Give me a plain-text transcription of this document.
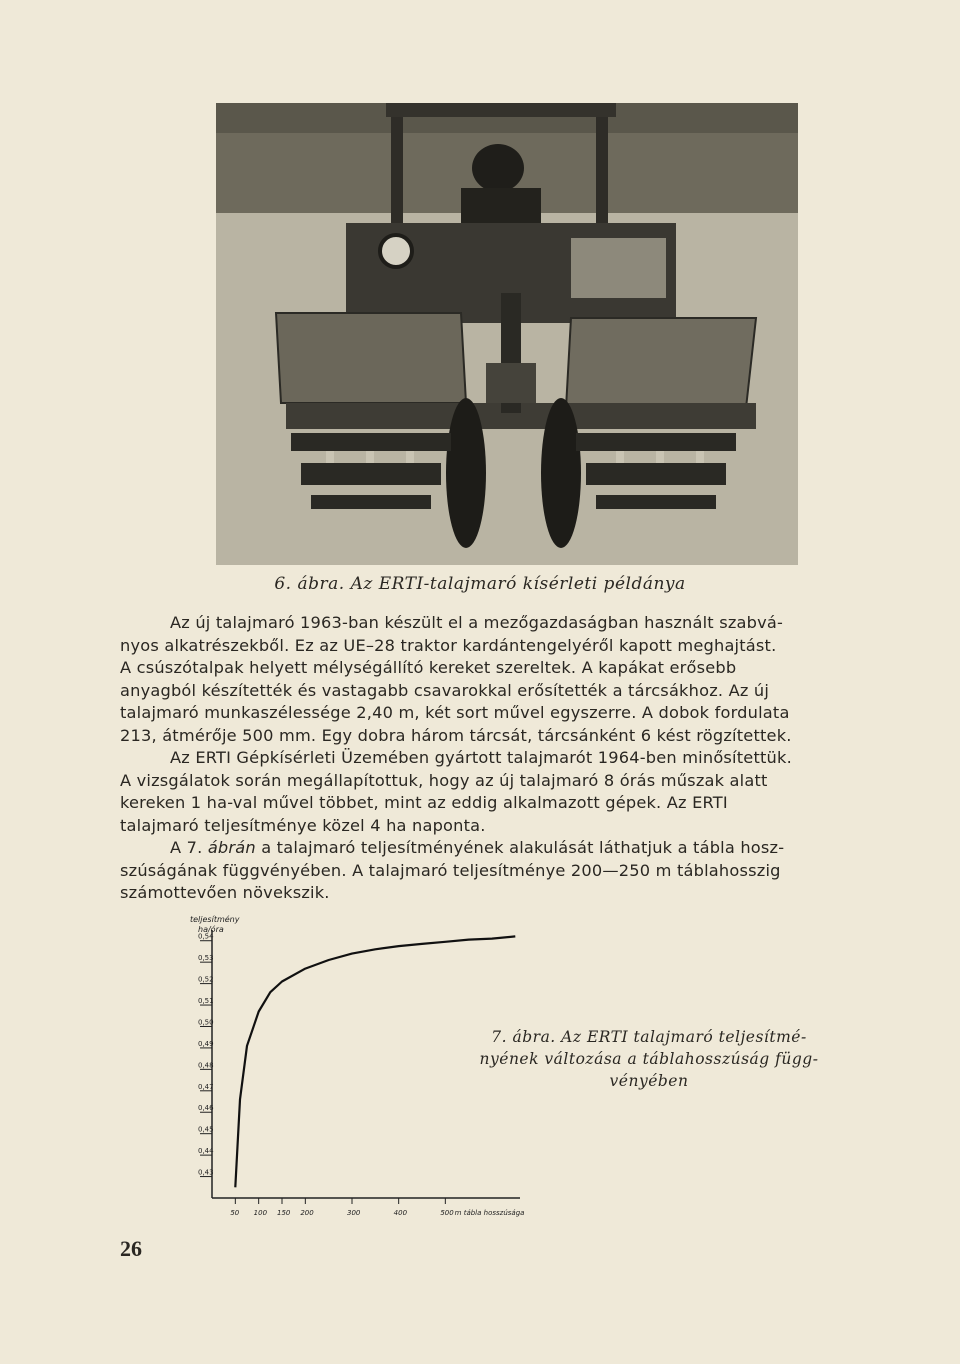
6. ábra. Az ERTI-talajmaró kísérleti példánya

Az új talajmaró 1963-ban készült el a mezőgazdaságban használt szabvá-

nyos alkatrészekből. Ez az UE–28 traktor kardántengelyéről kapott meghajtást.

A csúszótalpak helyett mélységállító kereket szereltek. A kapákat erősebb

anyagból készítették és vastagabb csavarokkal erősítették a tárcsákhoz. Az új

talajmaró munkaszélessége 2,40 m, két sort művel egyszerre. A dobok fordulata

213, átmérője 500 mm. Egy dobra három tárcsát, tárcsánként 6 kést rögzítettek.

Az ERTI Gépkísérleti Üzemében gyártott talajmarót 1964-ben minősítettük.

A vizsgálatok során megállapítottuk, hogy az új talajmaró 8 órás műszak alatt

kereken 1 ha-val művel többet, mint az eddig alkalmazott gépek. Az ERTI

talajmaró teljesítménye közel 4 ha naponta.

A 7. ábrán a talajmaró teljesítményének alakulását láthatjuk a tábla hosz-

szúságának függvényében. A talajmaró teljesítménye 200—250 m táblahosszig

számottevően növekszik.

teljesítmény
ha/óra
0,54
0,53
0,52
0,51
0,50
0,49
0,48
0,47
0,46
0,45
0,44
0,43
50 100 150 200	300	400	500 m tábla hosszúsága
7. ábra. Az ERTI talajmaró teljesítmé-
nyének változása a táblahosszúság függ-
vényében
26
